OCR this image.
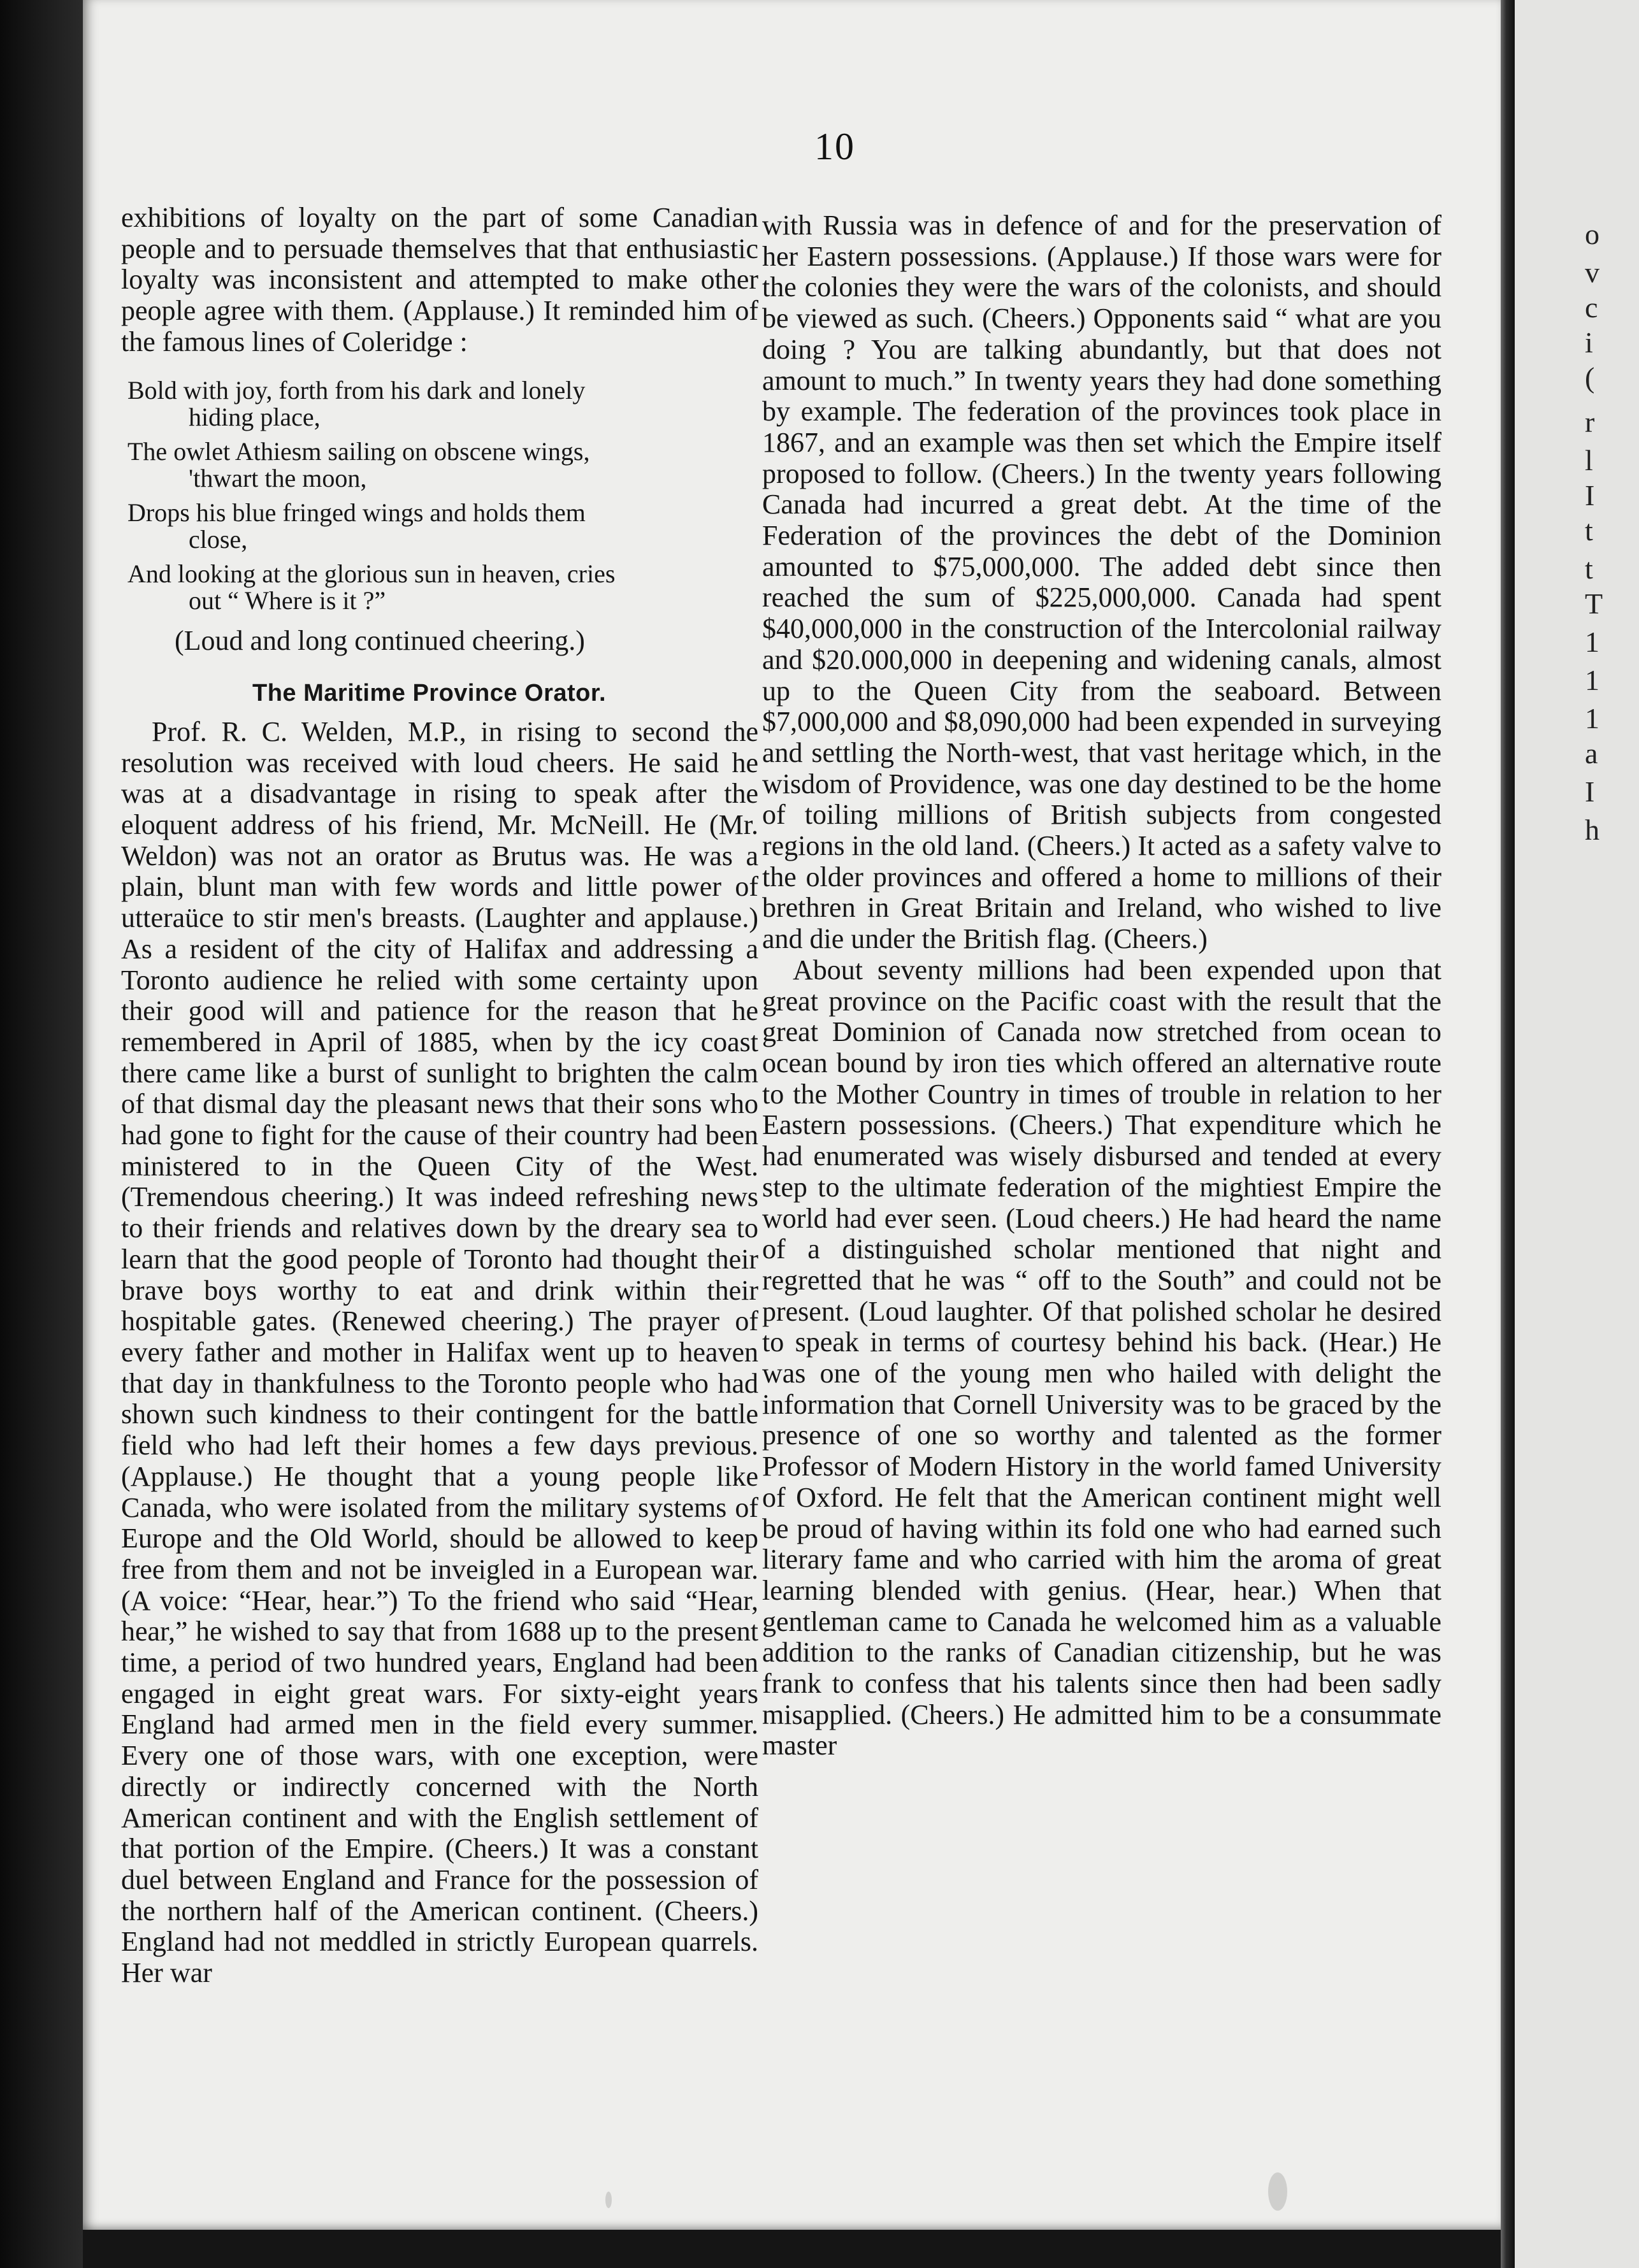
10

exhibitions of loyalty on the part of some Canadian people and to persuade themselves that that enthusiastic loyalty was inconsistent and attempted to make other people agree with them. (Applause.) It reminded him of the famous lines of Coleridge :

Bold with joy, forth from his dark and lonely
hiding place,
The owlet Athiesm sailing on obscene wings,
'thwart the moon,
Drops his blue fringed wings and holds them
close,
And looking at the glorious sun in heaven, cries
out “ Where is it ?”

(Loud and long continued cheering.)

The Maritime Province Orator.

Prof. R. C. Welden, M.P., in rising to second the resolution was received with loud cheers. He said he was at a disadvantage in rising to speak after the eloquent address of his friend, Mr. McNeill. He (Mr. Weldon) was not an orator as Brutus was. He was a plain, blunt man with few words and little power of utteraüce to stir men's breasts. (Laughter and applause.) As a resident of the city of Halifax and addressing a Toronto audience he relied with some certainty upon their good will and patience for the reason that he remembered in April of 1885, when by the icy coast there came like a burst of sunlight to brighten the calm of that dismal day the pleasant news that their sons who had gone to fight for the cause of their country had been ministered to in the Queen City of the West. (Tremendous cheering.) It was indeed refreshing news to their friends and relatives down by the dreary sea to learn that the good people of Toronto had thought their brave boys worthy to eat and drink within their hospitable gates. (Renewed cheering.) The prayer of every father and mother in Halifax went up to heaven that day in thankfulness to the Toronto people who had shown such kindness to their contingent for the battle field who had left their homes a few days previous. (Applause.) He thought that a young people like Canada, who were isolated from the military systems of Europe and the Old World, should be allowed to keep free from them and not be inveigled in a European war. (A voice: “Hear, hear.”) To the friend who said “Hear, hear,” he wished to say that from 1688 up to the present time, a period of two hundred years, England had been engaged in eight great wars. For sixty-eight years England had armed men in the field every summer. Every one of those wars, with one exception, were directly or indirectly concerned with the North American continent and with the English settlement of that portion of the Empire. (Cheers.) It was a constant duel between England and France for the possession of the northern half of the American continent. (Cheers.) England had not meddled in strictly European quarrels. Her war

with Russia was in defence of and for the preservation of her Eastern possessions. (Applause.) If those wars were for the colonies they were the wars of the colonists, and should be viewed as such. (Cheers.) Opponents said “ what are you doing ? You are talking abundantly, but that does not amount to much.” In twenty years they had done something by example. The federation of the provinces took place in 1867, and an example was then set which the Empire itself proposed to follow. (Cheers.) In the twenty years following Canada had incurred a great debt. At the time of the Federation of the provinces the debt of the Dominion amounted to $75,000,000. The added debt since then reached the sum of $225,000,000. Canada had spent $40,000,000 in the construction of the Intercolonial railway and $20.000,000 in deepening and widening canals, almost up to the Queen City from the seaboard. Between $7,000,000 and $8,090,000 had been expended in surveying and settling the North-west, that vast heritage which, in the wisdom of Providence, was one day destined to be the home of toiling millions of British subjects from congested regions in the old land. (Cheers.) It acted as a safety valve to the older provinces and offered a home to millions of their brethren in Great Britain and Ireland, who wished to live and die under the British flag. (Cheers.)

About seventy millions had been expended upon that great province on the Pacific coast with the result that the great Dominion of Canada now stretched from ocean to ocean bound by iron ties which offered an alternative route to the Mother Country in times of trouble in relation to her Eastern possessions. (Cheers.) That expenditure which he had enumerated was wisely disbursed and tended at every step to the ultimate federation of the mightiest Empire the world had ever seen. (Loud cheers.) He had heard the name of a distinguished scholar mentioned that night and regretted that he was “ off to the South” and could not be present. (Loud laughter. Of that polished scholar he desired to speak in terms of courtesy behind his back. (Hear.) He was one of the young men who hailed with delight the information that Cornell University was to be graced by the presence of one so worthy and talented as the former Professor of Modern History in the world famed University of Oxford. He felt that the American continent might well be proud of having within its fold one who had earned such literary fame and who carried with him the aroma of great learning blended with genius. (Hear, hear.) When that gentleman came to Canada he welcomed him as a valuable addition to the ranks of Canadian citizenship, but he was frank to confess that his talents since then had been sadly misapplied. (Cheers.) He admitted him to be a consummate master

o
v
c
i
(
r
l
I
t
t
T
1
1
1
a
I
h
